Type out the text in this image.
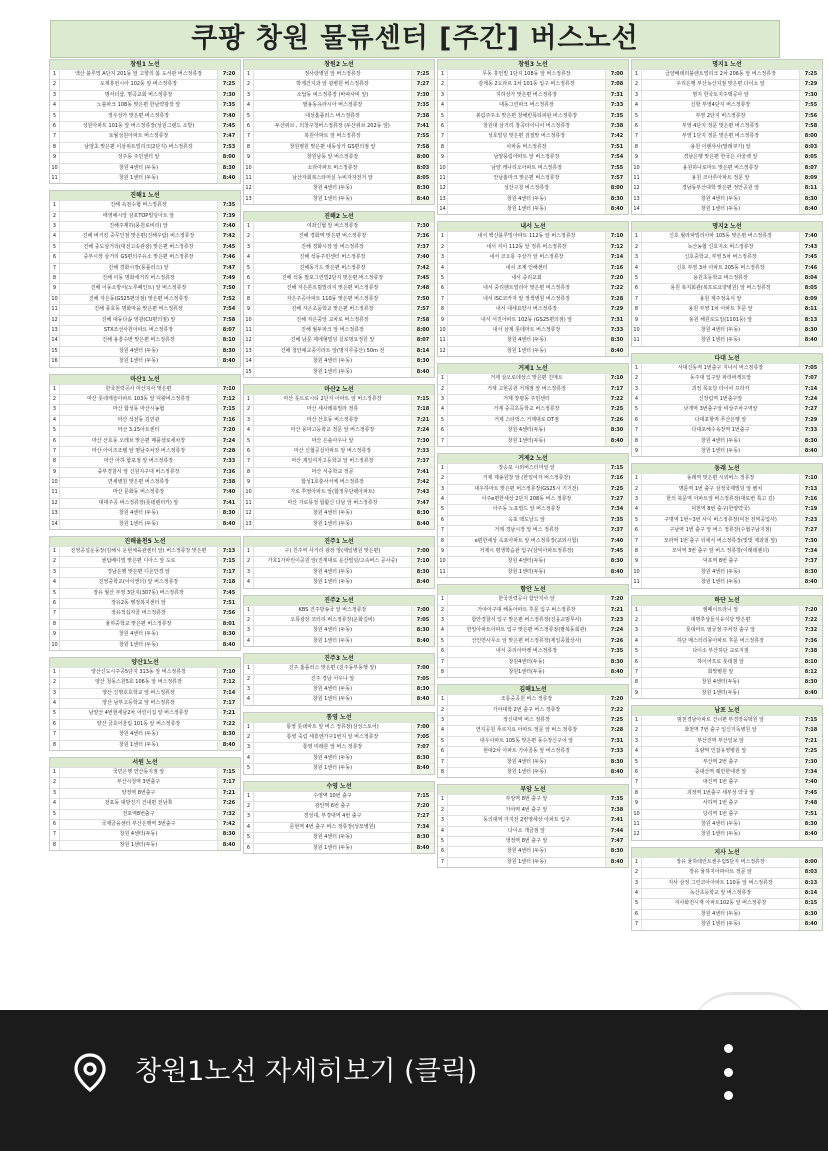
쿠팡 창원 물류센터 [주간] 버스노선
창원1 노선
1	액산 블루밍 A단지 201동 앞 고향의 봄 도서관 버스정류장	7:20
2	도계휴먼시아 102동 앞 버스정류장	7:25
3	명서더샵, 명곡교회 버스정류장	7:30
4	노블파크 108동 맞은편 한남약광장 앞	7:35
5	정우상가 맞은편 버스정류장	7:40
6	성원아파트 101동 앞 버스정류장(성원그랜드 소방)	7:45
7	토월성원아파트 버스정류장	7:47
8	남양초 맞은편 이삼위트빌리크(2단지) 버스정류장	7:53
9	성주동 주민센터 앞	8:00
10	창원 4센터 (두동)	8:30
11	창원 1센터 (두동)	8:40
진해1 노선
1	진해 속천수협 버스정류장	7:35
2	태영예시앙 삼포TOP빌딩아트 앞	7:39
3	진해주제하(풍원로비리) 앞	7:40
4	진해 버거킹 중무인점 맞은편(진해우람) 버스정류장	7:42
5	진해 중도삼거리(대전고속관광) 맞은편 버스정류장	7:45
6	중부시장 삼거리 GS편의주유소 맞은편 버스정류장	7:46
7	진해 경화시장(풍플러스) 앞	7:47
8	진해 이동 명화세거리 버스정류장	7:49
9	진해 이동소방서(노루페인트) 앞 버스정류장	7:50
10	진해 자은동(GS25편의점) 맞은편 버스정류장	7:52
11	진해 풍호동 명화마을 맞은편 버스정류장	7:54
12	진해 대동다솜 영광(CU편의점) 앞	7:58
13	STX조선사원아파트 버스정류장	8:07
14	진해 용흥수변 맞은편 버스정류장	8:10
15	창원 4센터 (두동)	8:30
16	창원 1센터 (두동)	8:40
마산1 노선
1	한국전력공사 마산지사 맞은편	7:10
2	마산 롯데캐슬아파트 103동 앞 덕왕버스정류장	7:12
3	마산 합성동 마산시농협	7:15
4	마산 석전동 김민관	7:16
5	마산 3.15아트센터	7:20
6	마산 산호동 오레브 맞은편 메플샐로세차장	7:24
7	마산 아이즈조텔 앞 명남주차장 버스정류장	7:28
8	마산 아하 합포점 앞 버스정류장	7:33
9	중부경찰서 앞 신원지구대 버스정류장	7:36
10	면세병원 맞은편 버스정류장	7:38
11	마산 문화동 버스정류장	7:40
12	대대주공 버스정류장(롯데렌터카) 앞	7:41
13	창원 4센터 (두동)	8:30
14	창원 1센터 (두동)	8:40
진해율천5 노선
1	진영공설운동장(김해시 운현체육관센터 앞) 버스정류장 맞은편	7:13
2	센텀베디빌 맞은편 디아스 앞 도로	7:15
3	경남은행 맞은편 디온안경 앞	7:17
4	진영중학교(아이앤더) 앞 버스정류장	7:18
5	장유 월산 부영 3단지(307동) 버스정류장	7:45
6	장유2동 행정복지센터 앞	7:51
7	장유적십자골 버스정류장	7:56
8	율하중학교 맞은편 버스정류장	8:01
9	창원 4센터 (두동)	8:30
10	창원 1센터 (두동)	8:40
양산1노선
1	양산신도시주공5단지 313동 앞 버스정류장	7:10
2	양산 청동스원5호 106동 앞 버스정류장	7:12
3	양산 신명호호학교 앞 버스정류장	7:14
4	양산 남부고등학교 앞 버스정류장	7:17
5	남양산 4번현세남2차 어린이집 앞 버스정류장	7:21
6	양산 금호어울림 101동 앞 버스정류장	7:22
7	창원 4센터 (두동)	8:30
8	창원 1센터 (두동)	8:40
서원 노선
1	국민은행 연산동지점 앞	7:15
2	부산시청역 3번출구	7:17
3	양정역 8번출구	7:21
4	전포동 대방진기 건내편 전남쪽	7:26
5	전포역8번출구	7:32
6	국제금융센터 부산은행역 3번출구	7:42
7	창원 4센터(두동)	8:30
8	창원 1센터(두동)	8:40
창원2 노선
1	정사랑병원 앞 버스정류장	7:25
2	박제건지과 앞 광병원 버스정류장	7:27
3	소답동 버스정류장 (바따사비 앞)	7:30
4	팔용동유라시아 버스정류장	7:35
5	대상홈플러스 버스정류장	7:38
6	두산위브 , 의창구청버스정류장 (두산위브 202동 앞)	7:41
7	복원아파트 앞 버스정류장	7:55
8	창원병원 맞은편 내동상가 GS편의점 앞	7:58
9	창원남동 앞 버스정류장	8:00
10	소라아파트 버스정류장	8:03
11	남산자회복스타머실 누비자자전거 앞	8:05
12	창원 4센터 (두동)	8:30
13	창원 1센터 (두동)	8:40
진해2 노선
1	여좌신협 앞 버스정류장	7:30
2	진해 경화역 맞은편 버스정류장	7:36
3	진해 경화시장 앞 버스정류장	7:37
4	진해 석동주민센터 버스정류장	7:40
5	진해동기드 맞은편 버스정류장	7:42
6	진해 석동 발포그린빌2단지 맞은편 버스정류장	7:45
7	진해 자은론트릴빌리지 맞은편 버스정류장	7:48
8	자은주공아파트 110동 맞은편 버스정류장	7:50
9	진해 자은초등학교 맞은편 버스정류장	7:57
10	진해 자은중앙 교차로 버스정류장	7:58
11	진해 월두파크 앞 버스정류장	8:00
12	진해 남문 제에형빌딩 실로멍요정원 앞	8:07
13	진해 청안예교종이라트 앞(명지루종산) 50m 전	8:14
14	창원 4센터 (두동)	8:30
15	창원 1센터 (두동)	8:40
마산2 노선
1	마산 롯트로시티 2단지 아파트 앞 버스정류장	7:15
2	마산 세사레북빌라 정류	7:18
3	마산 산호동 버스정류장	7:21
4	마산 용마고등학교 정문 앞 버스정류장	7:24
5	마산 은솔사우나 앞	7:30
6	마산 신협공실아파트 앞 버스정류장	7:33
7	마산 제일여자고등학교 앞 버스정류장	7:37
8	마산 서중학교 정문	7:41
9	합성1호충사서체 버스정류장	7:42
10	가로 쭈영아파트 앞(합정무단팩아파트)	7:43
11	마산 가로뮤정 합활신 다남 앞 버스정류장	7:47
12	창원 4센터 (두동)	8:30
13	창원 1센터 (두동)	8:40
진주1 노선
1	구) 진주역 사거리 광장 앞(제일병원 맞은편)	7:00
2	가호1가마린이공원 앞(진재대로 운산빌딩/고속버스 공사중)	7:10
3	창원 4센터 (두동)	8:30
4	창원 1센터 (두동)	8:40
진주2 노선
1	KBS 진주방송국 앞 버스정류장	7:00
2	오목광장 코터리 버스정류장(운화길비)	7:05
3	창원 4센터 (두동)	8:30
4	창원 1센터 (두동)	8:40
진주3 노선
1	진주 홈플러스 맞은편 (진주동부동행 앞)	7:00
2	진주 경남 서우나 앞	7:05
3	창원 4센터 (두동)	8:30
4	창원 1센터 (두동)	8:40
통영 노선
1	통영 롯데마트 앞 버스 정류장(삼성스토어)	7:00
2	통영 죽림 세흥엔가구1번지 앞 버스정류장	7:05
3	통영 미래론 앞 버스 정류장	7:07
4	창원 4센터 (두동)	8:30
5	창원 1센터 (두동)	8:40
수영 노선
1	수영역 10번 출구	7:15
2	광안역 6번 출구	7:20
3	경성대, 부경대역 4번 출구	7:27
4	문현역 4번 출구 버스 정류장(성모병원)	7:34
5	창원 4센터 (두동)	8:30
6	창원 1센터 (두동)	8:40
창원3 노선
1	무동 휴먼빌 1단지 108동 앞 버스정류장	7:00
2	감계동 2도라르 1차 101동 입구 버스정류장	7:08
3	지하상가 맞은편 버스정류장	7:31
4	대동그린파크 버스정류장	7:33
5	봉림주주소 맞은편 창해빈폭티피판 버스정류장	7:35
6	창원대 삼거리 창곡타이니어 버스정류장	7:38
7	성호빌딩 맞은편 검절맞 버스정류장	7:42
8	사파동 버스정류장	7:51
9	남양풍림아파트 앞 버스정류장	7:54
10	남양 캐나리오아파트 버스정류장	7:55
11	안남홈마크 맞은편 버스정류장	7:57
12	성산구청 버스정류장	8:00
13	창원 4센터 (두동)	8:30
14	창원 1센터 (두동)	8:40
내서 노선
1	내서 백산블루밍아파트 112동 앞 버스정류장	7:10
2	내서 지이 112동 앞 정류 버스정류장	7:12
3	내서 코오롱 주상가 앞 버스정류장	7:14
4	내서 조계 인해센터	7:16
5	내서 중리교회	7:20
6	내서 중리랜트빌리아 맞은편 버스정류장	7:22
7	내서 ISC코카자 앞 정색병원 버스정류장	7:28
8	내서 대세요양시 버스정류장	7:29
9	내서 서진아파트 102동 (GS25편의점) 앞	7:31
10	내서 삼계 롯데마트 버스정류장	7:33
11	창원 4센터 (두동)	8:30
12	창원 1센터 (두동)	8:40
거제1 노선
1	거제 삼오로데상스 맞은편 진매트	7:10
2	거제 고현공원 거제점 앞 버스정류장	7:17
3	거제 장평동 주민센터	7:22
4	거제 중곡초등학교 버스정류장	7:25
5	거제 스타벅스 거제대로 DT점	7:26
6	창원 4센터(두동)	8:30
7	창원 1센터(두동)	8:40
거제2 노선
1	장승포 시외버스터미널 앞	7:15
2	거제 제송원장 앞 (한일여자 버스정류장)	7:16
3	대우하마트 맞은편 버스정류장(GS25시 기기전)	7:25
4	아주e편한세상 2단지 208동 버스 정류장	7:27
5	아주동 노포빌드 앞 버스정류장	7:34
6	옥포 맥도날드 앞	7:35
7	거제 경남시장 앞 버스 정류장	7:37
8	e편한세상 옥포아파트 앞 버스정류장(교외시험)	7:40
9	거제시 평생학습관 입구(삼익아파트정류장)	7:45
10	창원 4센터(두동)	8:30
11	창원 1센터(두동)	8:40
함안 노선
1	한국전력공사 함안지사 앞	7:20
2	가야아구대 해동아파트 후문 입구 버스정류장	7:21
3	함안경찰서 입구 맞은편 버스정류장(진웅교범무사)	7:23
4	한일아파트아파트 입구 맞은편 버스정류장(팔복동회관)	7:24
5	산인면사무소 앞 맞은편 버스정류장(제일종합상사)	7:26
6	내서 중리아마켓 버스정류장	7:35
7	창원4센터(두동)	8:30
8	창원1센터(두동)	8:40
김해1노선
1	조롱중공원 버스 정류장	7:20
2	가야대학 2번 출구 버스 정류장	7:22
3	장신대역 버스 정류장	7:25
4	연지공원 푸르지요 아파트 정문 앞 버스 정류장	7:28
5	대우아파트 105동 맞은편 동수장신구어 앞	7:31
6	현대2차 아파트 가야골동 앞 버스정류장	7:33
7	창원 4센터 (두동)	8:30
8	창원 1센터 (두동)	8:40
부암 노선
1	부암역 8번 출구 앞	7:35
2	가야역 4번 출구 앞	7:38
3	동의대역 가지전 2번영세상 아파트 입구	7:41
4	다이소 개금점 앞	7:44
5	냉정역 8번 출구 앞	7:47
6	창원 4센터 (두동)	8:30
7	창원 1센터 (두동)	8:40
명지1 노선
1	금양베데리블랜트빌리크 2차 206동 앞 버스정류장	7:25
2	우리은행 부산녹산지점 맞은편 다이소 앞	7:29
3	명지 한국토지주택공사 앞	7:30
4	신항 부영4단지 버스정류장	7:55
5	부영 2단지 버스정류장	7:56
6	부영 4단지 정문 맞은편 버스정류장	7:58
7	부영 1단지 정문 맞은편 버스정류장	8:00
8	용원 이랜샤사(발레쿠기) 앞	8:03
9	경남은행 맞은편 한국은 아울렛 앞	8:05
10	용원하나로마트 맞은편 버스정류장	8:07
11	용원 코아루아파트 정문 앞	8:09
12	경남동부산대학 맞은편 정안공원 앞	8:11
13	창원 4센터 (두동)	8:30
14	창원 1센터 (두동)	8:40
명지2 노선
1	신호 월라파빌리아파 105동 맞은편 버스정류장	7:40
2	녹산농협 신호지소 버스정류장	7:43
3	신호중학교, 부영 5차 버스정류장	7:45
4	신호 부영 3차 아파트 205동 버스정류장	7:46
5	용원초등학교 버스정류장	8:04
6	용원 복지회관(복프로요양병원) 앞 버스정류장	8:05
7	용원 제주정육식 앞	8:09
8	용원 부영 1차 아파트 후문 앞	8:11
9	용원 해원로도일(1101동) 앞	8:13
10	창원 4센터 (두동)	8:30
11	창원 1센터 (두동)	8:40
다대 노선
1	서대신동역 1번출구 지나서 버스정류장	7:05
2	동주대 입구앞 파리바게트앞	7:07
3	괴정 목요당 타이어 프라자	7:14
4	신장림역 1번출구앞	7:24
5	낫개역 3번출구앞 비상주차구역앞	7:27
6	다대포항역 푸산은행 앞	7:29
7	다대포해수욕장역 1번출구	7:33
8	창원 4센터 (두동)	8:30
9	창원 1센터 (두동)	8:40
동래 노선
1	동래역 맞은편 시외버스 정류장	7:10
2	명륜역 1번 출구 삼정국제빌딩 앞 벤치	7:13
3	한의 북문역 아파트앞 버스정류장(대로변 쪽고 길)	7:16
4	덕천역 8번 출구(한양약국)	7:19
5	구명역 1번~3번 사이 버스정류장(덕천 전역공업사)	7:23
6	구남역 1번 출구 앞 버스 정류장(수협구남지점)	7:27
7	모라역 1번 출구 뒤에서 버스정류장(빛빛 제과점 앞)	7:30
8	모덕역 3번 출구 앞 버스 정류장(이래데렌더)	7:34
9	덕포역 8번 출구	7:37
10	창원 4센터 (두동)	8:30
11	창원 1센터 (두동)	8:40
하단 노선
1	엠페이트라니 앞	7:20
2	대명추상들식유식당 맞은편	7:22
3	롯데마트 엄궁점 주차장 출구 앞	7:32
4	하단 메스터리뮤아파트 후문 버스정류장	7:36
5	다이소 부산하단 교로지점	7:38
6	하이어프로 롯데점 앞	8:10
7	회망병원 앞	8:12
8	창원 4센터(두동)	8:30
9	창원 1센터(두동)	8:40
남포 노선
1	범천경남아파트 건너편 부경장육택원 앞	7:15
2	좌천역 7번 출구 일신기독병원 앞	7:18
3	부산진역 부산일보 앞	7:21
4	초량역 인잡유영병원 앞	7:25
5	부산역 2번 출구	7:30
6	중대산역 웨만한대전 앞	7:34
7	대신역 1번 출구	7:40
8	괴정역 1번출구 세부성 약국 앞	7:45
9	사하역 1번 출구	7:48
10	당리역 1번 출구	7:51
11	창원 4센터 (두동)	8:30
12	창원 1센터 (두동)	8:40
지사 노선
1	장유 율하테린트센우림5단지 버스정류장	8:00
2	장유 율하지아파아트 정문 앞	8:03
3	지사 삼정 그린코아아파트 110동 앞 버스정류장	8:13
4	녹산초등학교 앞 버스정류장	8:14
5	지사화전시재 아파트102동 앞 버스정류장	8:15
6	창원 4센터 (두동)	8:30
7	창원 1센터 (두동)	8:40
창원1노선 자세히보기 (클릭)
